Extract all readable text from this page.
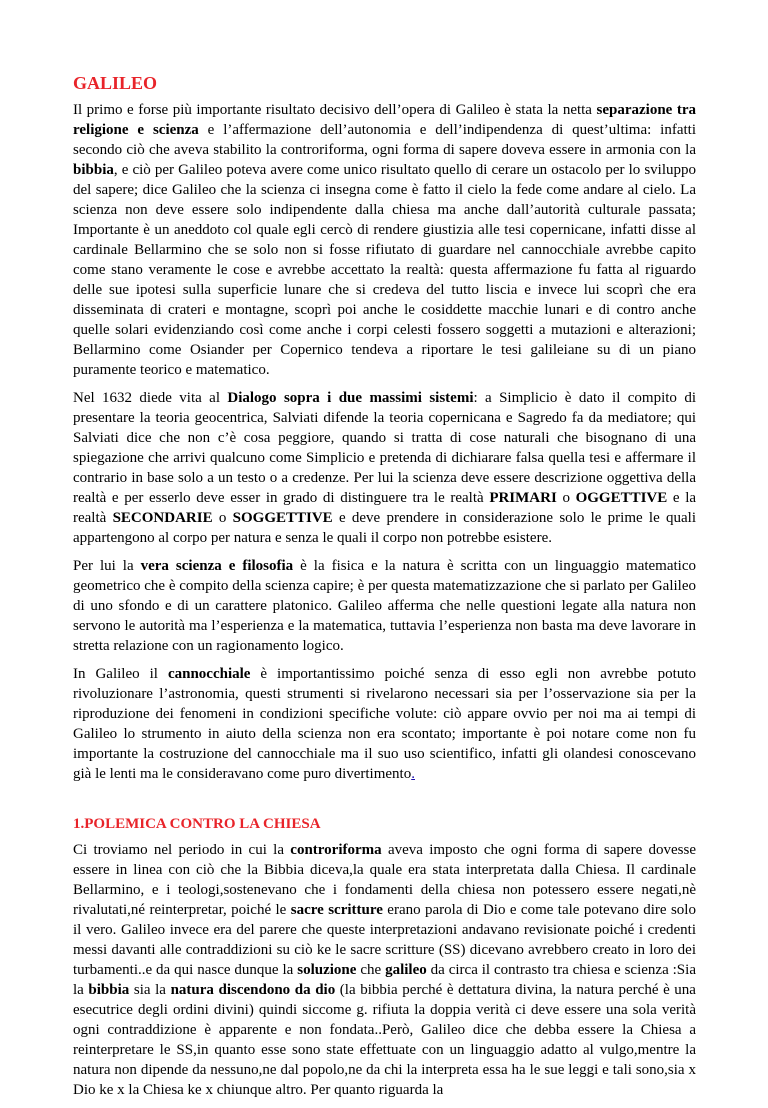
GALILEO

Il primo e forse più importante risultato decisivo dell’opera di Galileo è stata la netta separazione tra religione e scienza e l’affermazione dell’autonomia e dell’indipendenza di quest’ultima: infatti secondo ciò che aveva stabilito la controriforma, ogni forma di sapere doveva essere in armonia con la bibbia, e ciò per Galileo poteva avere come unico risultato quello di cerare un ostacolo per lo sviluppo del sapere; dice Galileo che la scienza ci insegna come è fatto il cielo la fede come andare al cielo. La scienza non deve essere solo indipendente dalla chiesa ma anche dall’autorità culturale passata; Importante è un aneddoto col quale egli cercò di rendere giustizia alle tesi copernicane, infatti disse al cardinale Bellarmino che se solo non si fosse rifiutato di guardare nel cannocchiale avrebbe capito come stano veramente le cose e avrebbe accettato la realtà: questa affermazione fu fatta al riguardo delle sue ipotesi sulla superficie lunare che si credeva del tutto liscia e invece lui scoprì che era disseminata di crateri e montagne, scoprì poi anche le cosiddette macchie lunari e di contro anche quelle solari evidenziando così come anche i corpi celesti fossero soggetti a mutazioni e alterazioni; Bellarmino come Osiander per Copernico tendeva a riportare le tesi galileiane su di un piano puramente teorico e matematico.

Nel 1632 diede vita al Dialogo sopra i due massimi sistemi: a Simplicio è dato il compito di presentare la teoria geocentrica, Salviati difende la teoria copernicana e Sagredo fa da mediatore; qui Salviati dice che non c’è cosa peggiore, quando si tratta di cose naturali che bisognano di una spiegazione che arrivi qualcuno come Simplicio e pretenda di dichiarare falsa quella tesi e affermare il contrario in base solo a un testo o a credenze. Per lui la scienza deve essere descrizione oggettiva della realtà e per esserlo deve esser in grado di distinguere tra le realtà PRIMARI o OGGETTIVE e la realtà SECONDARIE o SOGGETTIVE e deve prendere in considerazione solo le prime le quali appartengono al corpo per natura e senza le quali il corpo non potrebbe esistere.

Per lui la vera scienza e filosofia è la fisica e la natura è scritta con un linguaggio matematico geometrico che è compito della scienza capire; è per questa matematizzazione che si parlato per Galileo di uno sfondo e di un carattere platonico. Galileo afferma che nelle questioni legate alla natura non servono le autorità ma l’esperienza e la matematica, tuttavia l’esperienza non basta ma deve lavorare in stretta relazione con un ragionamento logico.

In Galileo il cannocchiale è importantissimo poiché senza di esso egli non avrebbe potuto rivoluzionare l’astronomia, questi strumenti si rivelarono necessari sia per l’osservazione sia per la riproduzione dei fenomeni in condizioni specifiche volute: ciò appare ovvio per noi ma ai tempi di Galileo lo strumento in aiuto della scienza non era scontato; importante è poi notare come non fu importante la costruzione del cannocchiale ma il suo uso scientifico, infatti gli olandesi conoscevano già le lenti ma le consideravano come puro divertimento.

1.POLEMICA CONTRO LA CHIESA

Ci troviamo nel periodo in cui la controriforma aveva imposto che ogni forma di sapere dovesse essere in linea con ciò che la Bibbia diceva,la quale era stata interpretata dalla Chiesa. Il cardinale Bellarmino, e i teologi,sostenevano che i fondamenti della chiesa non potessero essere negati,nè rivalutati,né reinterpretar, poiché le sacre scritture erano parola di Dio e come tale potevano dire solo il vero. Galileo invece era del parere che queste interpretazioni andavano revisionate poiché i credenti messi davanti alle contraddizioni su ciò ke le sacre scritture (SS) dicevano avrebbero creato in loro dei turbamenti..e da qui nasce dunque la soluzione che galileo da circa il contrasto tra chiesa e scienza :Sia la bibbia sia la natura discendono da dio (la bibbia perché è dettatura divina, la natura perché è una esecutrice degli ordini divini) quindi siccome g. rifiuta la doppia verità ci deve essere una sola verità ogni contraddizione è apparente e non fondata..Però, Galileo dice che debba essere la Chiesa a reinterpretare le SS,in quanto esse sono state effettuate con un linguaggio adatto al vulgo,mentre la natura non dipende da nessuno,ne dal popolo,ne da chi la interpreta essa ha le sue leggi e tali sono,sia x Dio ke x la Chiesa ke x chiunque altro. Per quanto riguarda la
